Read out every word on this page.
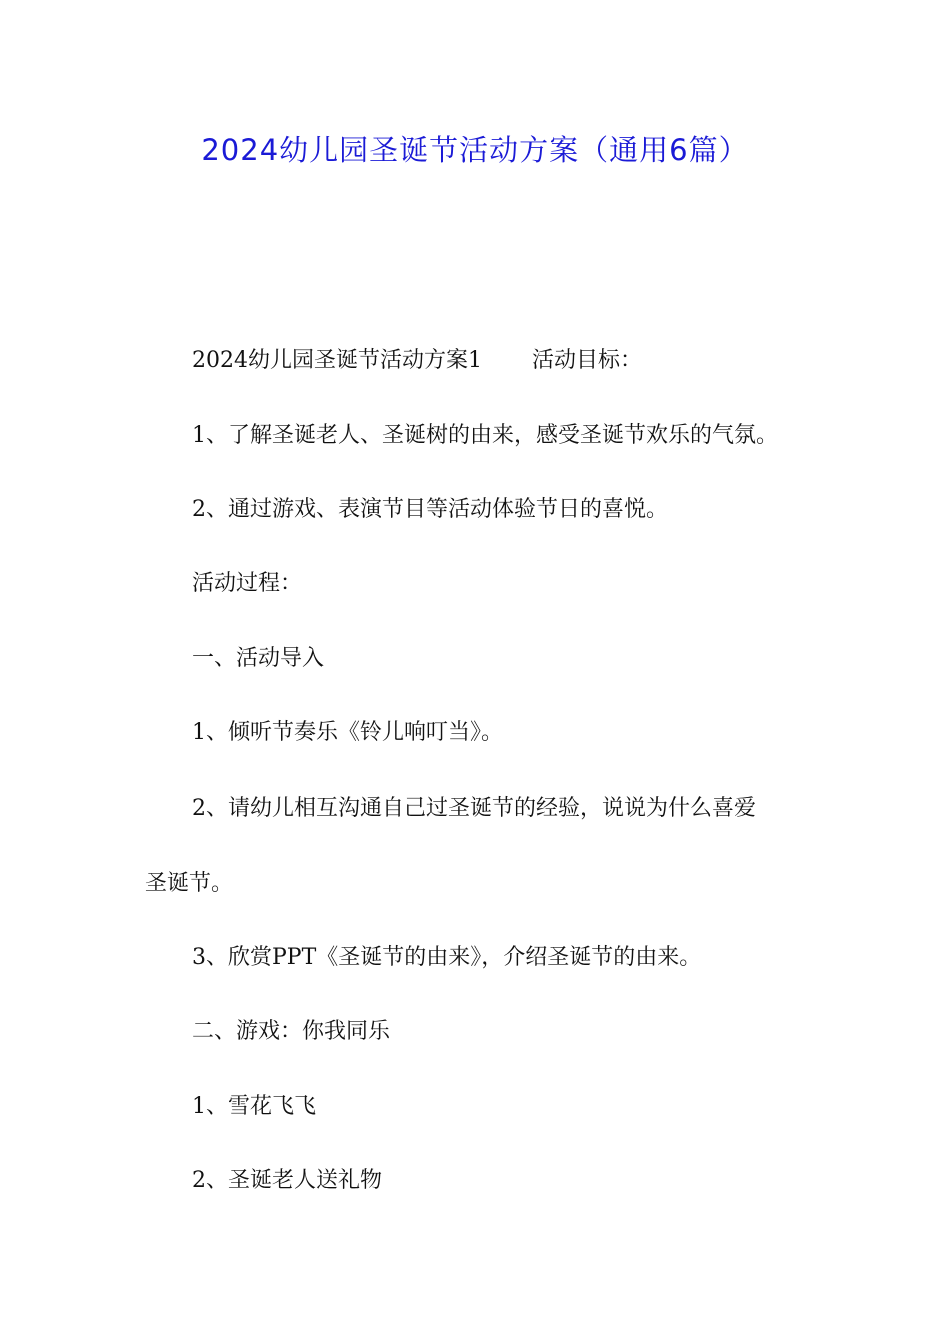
2024幼儿园圣诞节活动方案（通用6篇）
2024幼儿园圣诞节活动方案1 活动目标：
1、了解圣诞老人、圣诞树的由来，感受圣诞节欢乐的气氛。
2、通过游戏、表演节目等活动体验节日的喜悦。
活动过程：
一、活动导入
1、倾听节奏乐《铃儿响叮当》。
2、请幼儿相互沟通自己过圣诞节的经验，说说为什么喜爱
圣诞节。
3、欣赏PPT《圣诞节的由来》，介绍圣诞节的由来。
二、游戏：你我同乐
1、雪花飞飞
2、圣诞老人送礼物
